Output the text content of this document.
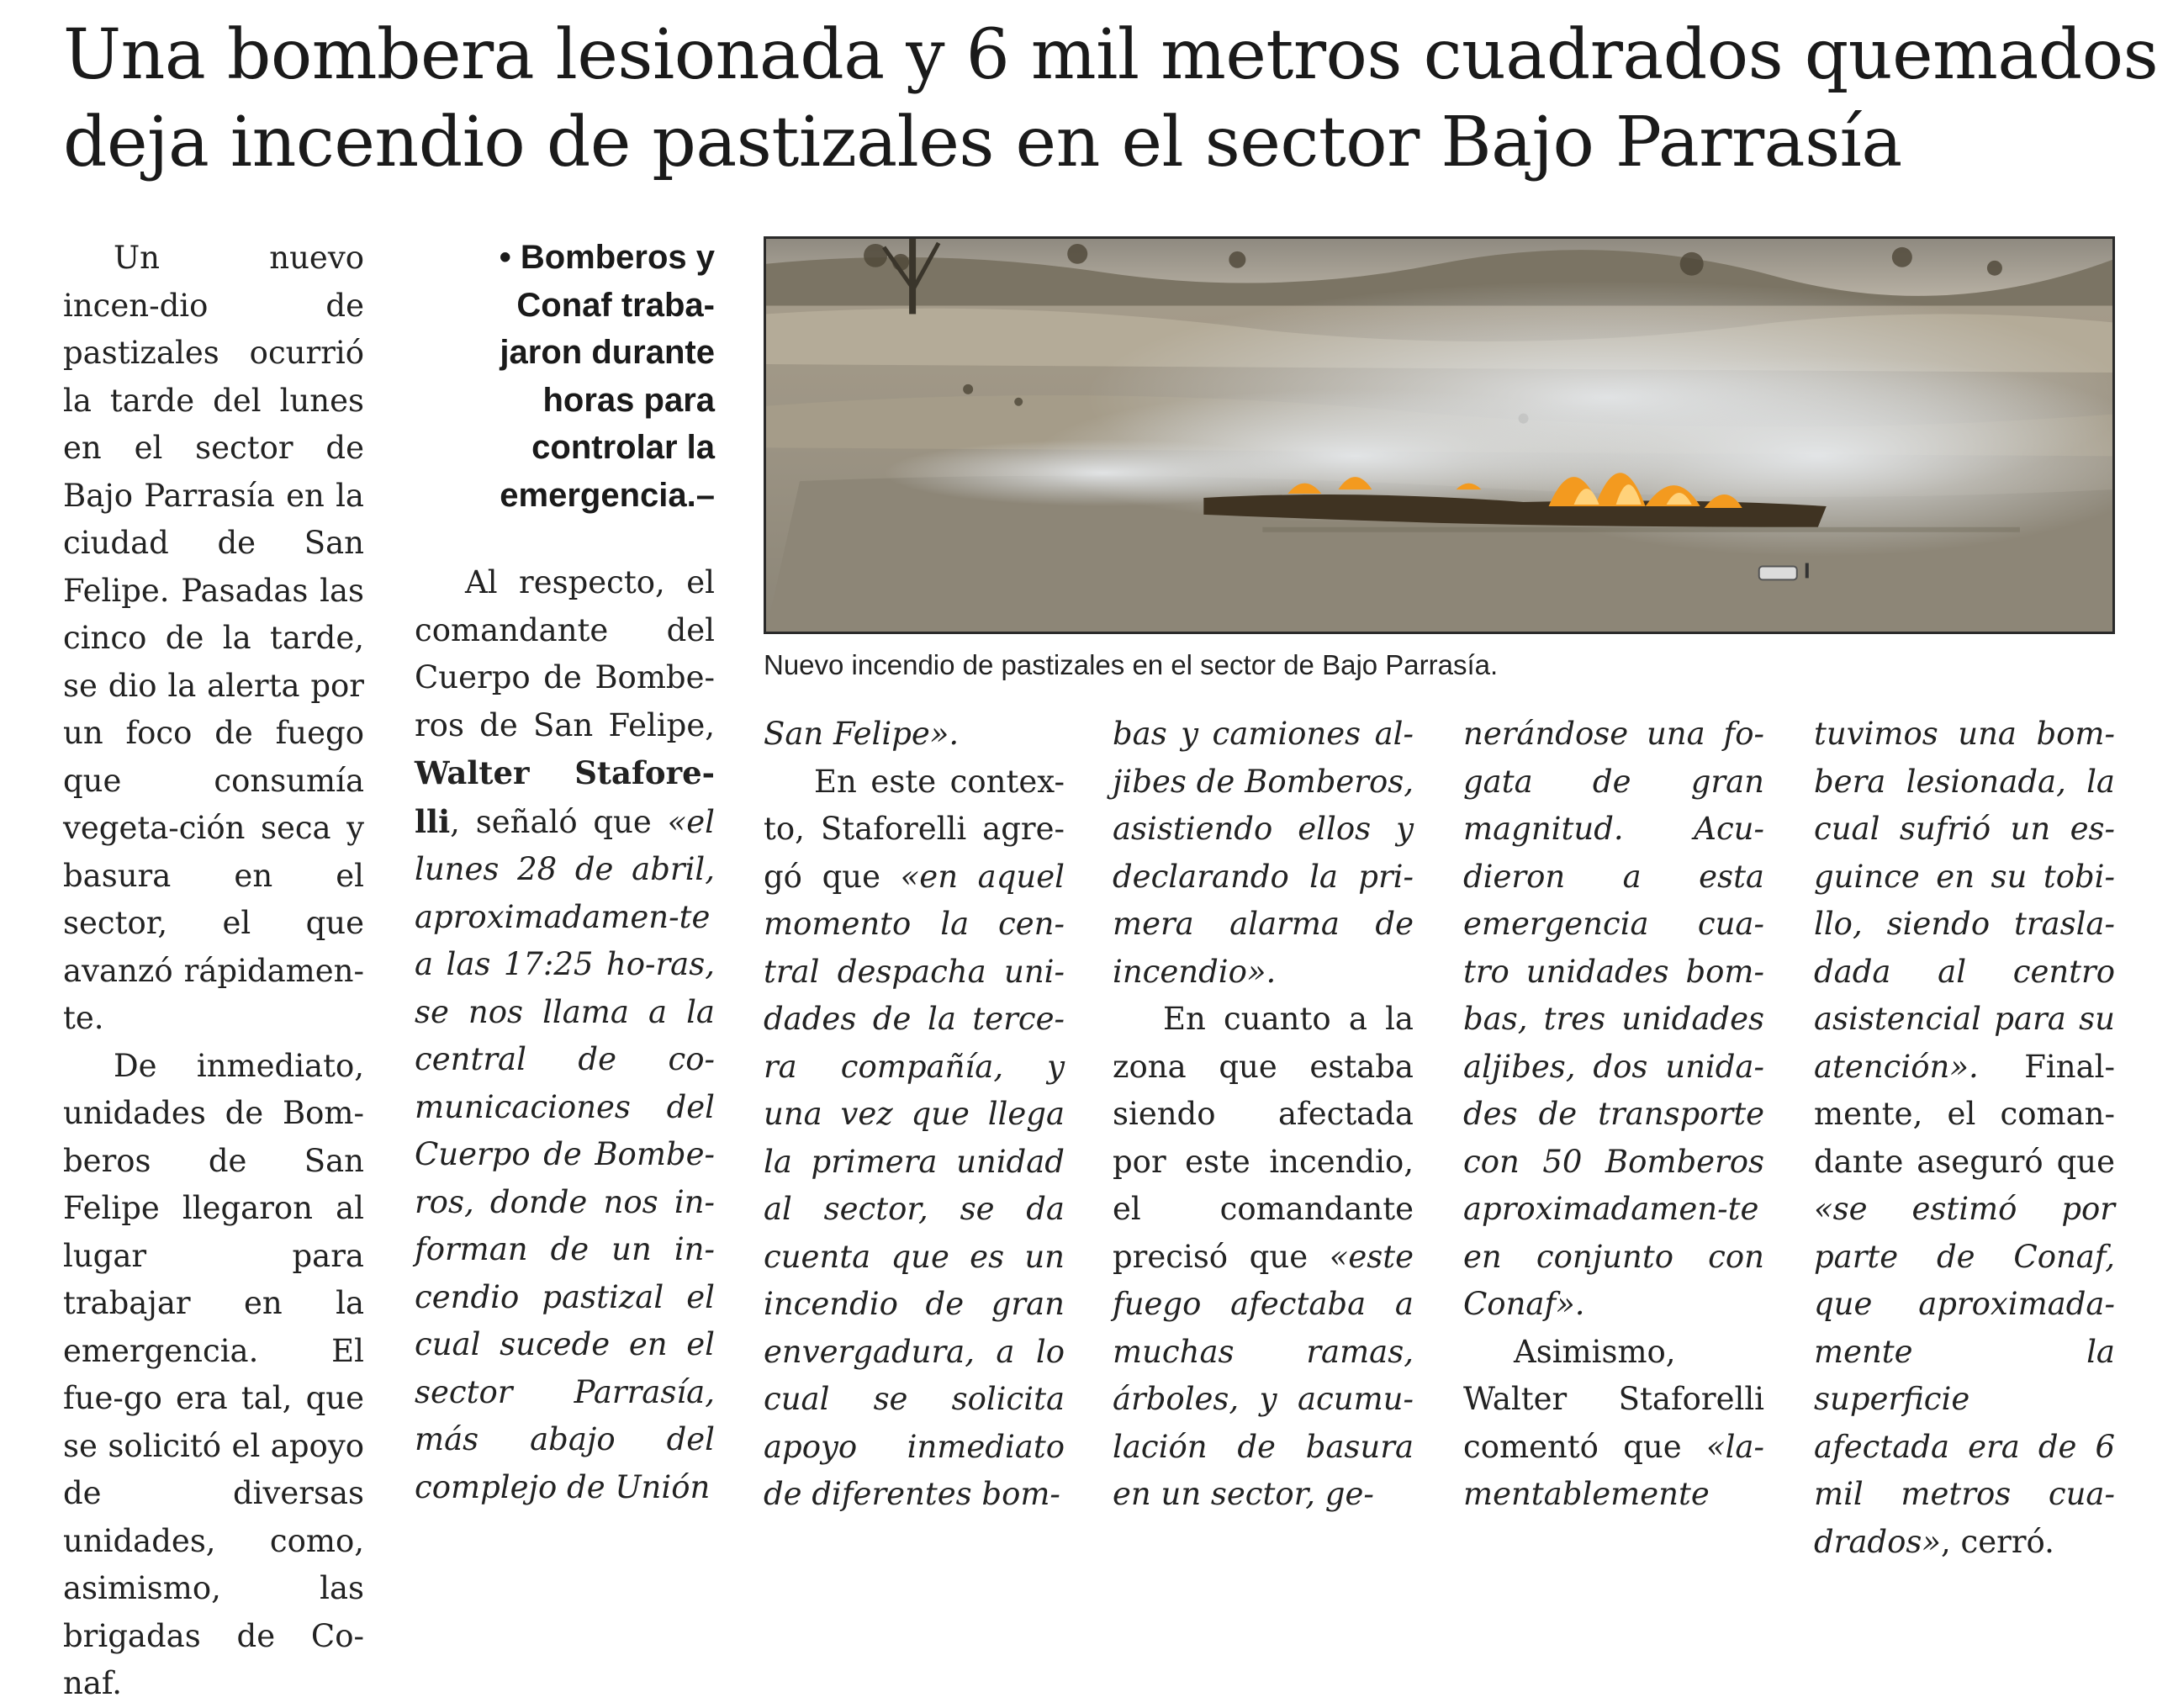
Una bombera lesionada y 6 mil metros cuadrados quemados
deja incendio de pastizales en el sector Bajo Parrasía

Un nuevo incen-dio de pastizales ocurrió la tarde del lunes en el sector de Bajo Parrasía en la ciudad de San Felipe. Pasadas las cinco de la tarde, se dio la alerta por un foco de fuego que consumía vegeta-ción seca y basura en el sector, el que avanzó rápidamen-te.

De inmediato, unidades de Bom-beros de San Felipe llegaron al lugar para trabajar en la emergencia. El fue-go era tal, que se solicitó el apoyo de diversas unidades, como, asimismo, las brigadas de Co-naf.

• Bomberos y
Conaf traba-
jaron durante
horas para
controlar la
emergencia.–

Al respecto, el comandante del Cuerpo de Bombe-ros de San Felipe, Walter Stafore-lli, señaló que «el lunes 28 de abril, aproximadamen-te a las 17:25 ho-ras, se nos llama a la central de co-municaciones del Cuerpo de Bombe-ros, donde nos in-forman de un in-cendio pastizal el cual sucede en el sector Parrasía, más abajo del complejo de Unión

Nuevo incendio de pastizales en el sector de Bajo Parrasía.

San Felipe».

En este contex-to, Staforelli agre-gó que «en aquel momento la cen-tral despacha uni-dades de la terce-ra compañía, y una vez que llega la primera unidad al sector, se da cuenta que es un incendio de gran envergadura, a lo cual se solicita apoyo inmediato de diferentes bom-

bas y camiones al-jibes de Bomberos, asistiendo ellos y declarando la pri-mera alarma de incendio».

En cuanto a la zona que estaba siendo afectada por este incendio, el comandante precisó que «este fuego afectaba a muchas ramas, árboles, y acumu-lación de basura en un sector, ge-

nerándose una fo-gata de gran magnitud. Acu-dieron a esta emergencia cua-tro unidades bom-bas, tres unidades aljibes, dos unida-des de transporte con 50 Bomberos aproximadamen-te en conjunto con Conaf».

Asimismo, Walter Staforelli comentó que «la-mentablemente

tuvimos una bom-bera lesionada, la cual sufrió un es-guince en su tobi-llo, siendo trasla-dada al centro asistencial para su atención». Final-mente, el coman-dante aseguró que «se estimó por parte de Conaf, que aproximada-mente la superficie afectada era de 6 mil metros cua-drados», cerró.
